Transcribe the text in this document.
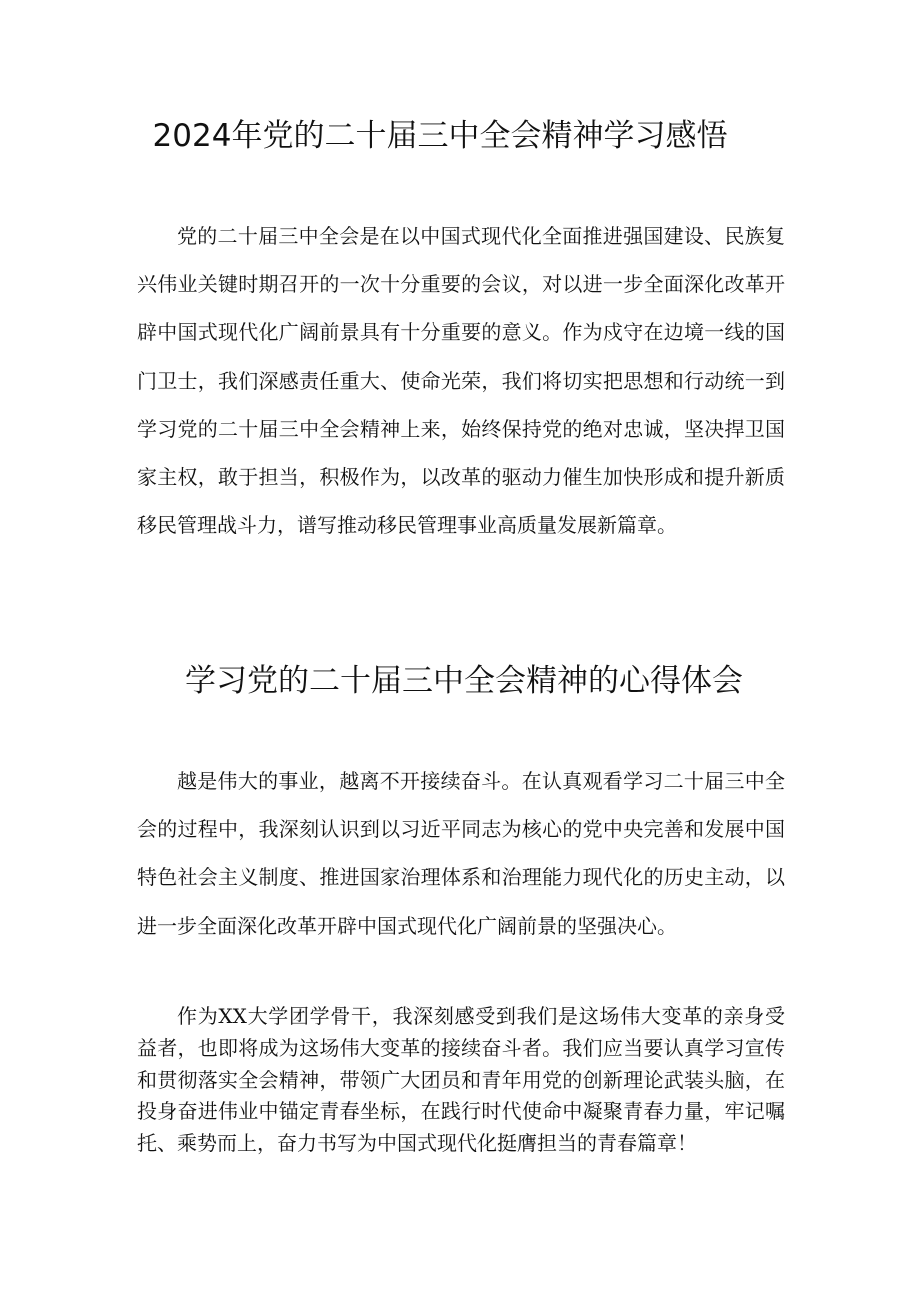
2024年党的二十届三中全会精神学习感悟

党的二十届三中全会是在以中国式现代化全面推进强国建设、民族复兴伟业关键时期召开的一次十分重要的会议，对以进一步全面深化改革开辟中国式现代化广阔前景具有十分重要的意义。作为戍守在边境一线的国门卫士，我们深感责任重大、使命光荣，我们将切实把思想和行动统一到学习党的二十届三中全会精神上来，始终保持党的绝对忠诚，坚决捍卫国家主权，敢于担当，积极作为，以改革的驱动力催生加快形成和提升新质移民管理战斗力，谱写推动移民管理事业高质量发展新篇章。

学习党的二十届三中全会精神的心得体会

越是伟大的事业，越离不开接续奋斗。在认真观看学习二十届三中全会的过程中，我深刻认识到以习近平同志为核心的党中央完善和发展中国特色社会主义制度、推进国家治理体系和治理能力现代化的历史主动，以进一步全面深化改革开辟中国式现代化广阔前景的坚强决心。

作为XX大学团学骨干，我深刻感受到我们是这场伟大变革的亲身受益者，也即将成为这场伟大变革的接续奋斗者。我们应当要认真学习宣传和贯彻落实全会精神，带领广大团员和青年用党的创新理论武装头脑，在投身奋进伟业中锚定青春坐标，在践行时代使命中凝聚青春力量，牢记嘱托、乘势而上，奋力书写为中国式现代化挺膺担当的青春篇章！
